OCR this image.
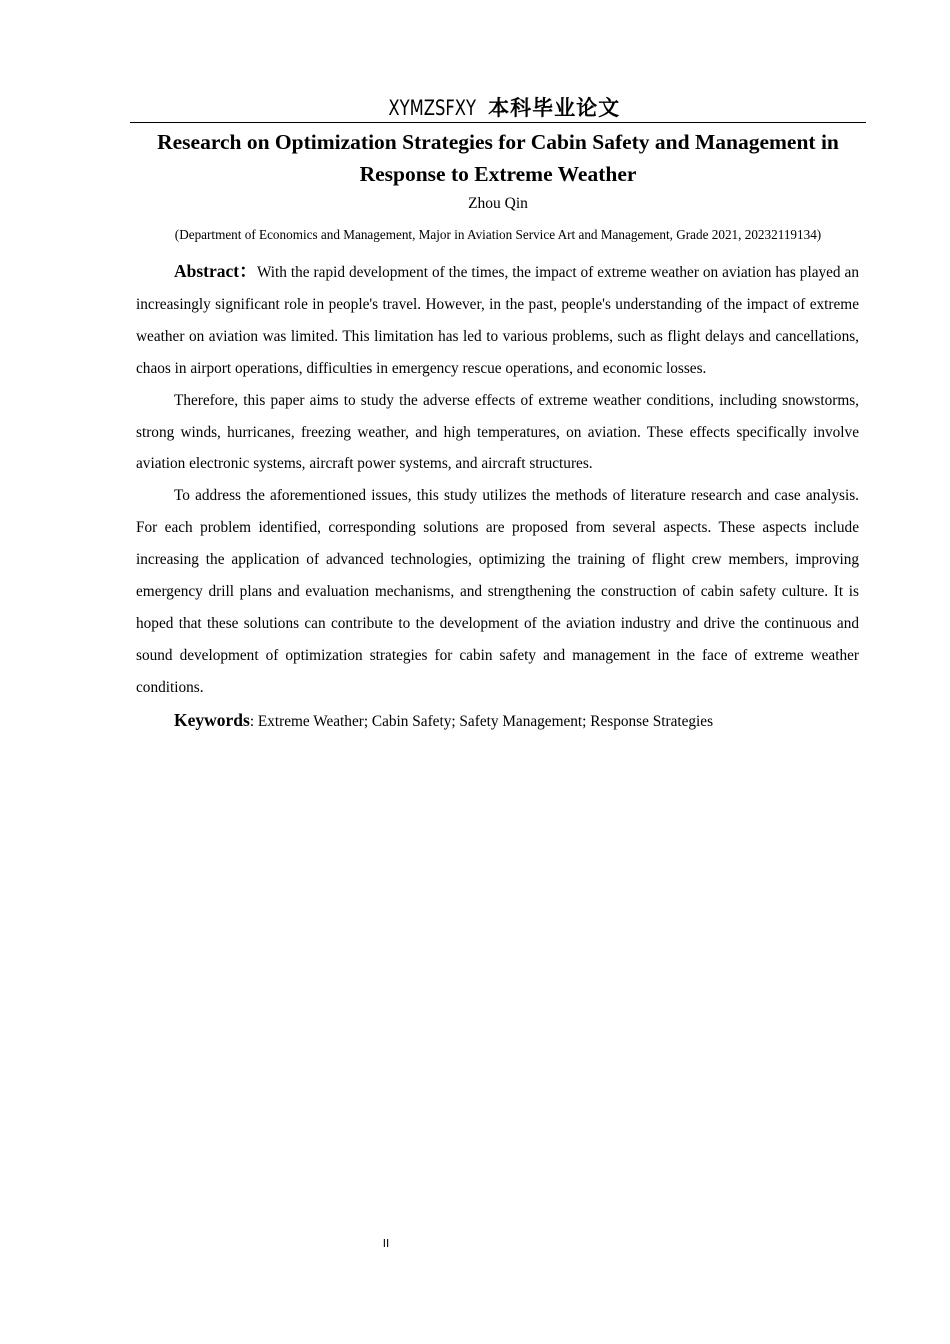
XYMZSFXY 本科毕业论文
Research on Optimization Strategies for Cabin Safety and Management in Response to Extreme Weather
Zhou Qin
(Department of Economics and Management, Major in Aviation Service Art and Management, Grade 2021, 20232119134)

Abstract：With the rapid development of the times, the impact of extreme weather on aviation has played an increasingly significant role in people's travel. However, in the past, people's understanding of the impact of extreme weather on aviation was limited. This limitation has led to various problems, such as flight delays and cancellations, chaos in airport operations, difficulties in emergency rescue operations, and economic losses.

Therefore, this paper aims to study the adverse effects of extreme weather conditions, including snowstorms, strong winds, hurricanes, freezing weather, and high temperatures, on aviation. These effects specifically involve aviation electronic systems, aircraft power systems, and aircraft structures.

To address the aforementioned issues, this study utilizes the methods of literature research and case analysis. For each problem identified, corresponding solutions are proposed from several aspects. These aspects include increasing the application of advanced technologies, optimizing the training of flight crew members, improving emergency drill plans and evaluation mechanisms, and strengthening the construction of cabin safety culture. It is hoped that these solutions can contribute to the development of the aviation industry and drive the continuous and sound development of optimization strategies for cabin safety and management in the face of extreme weather conditions.

Keywords: Extreme Weather; Cabin Safety; Safety Management; Response Strategies

II
